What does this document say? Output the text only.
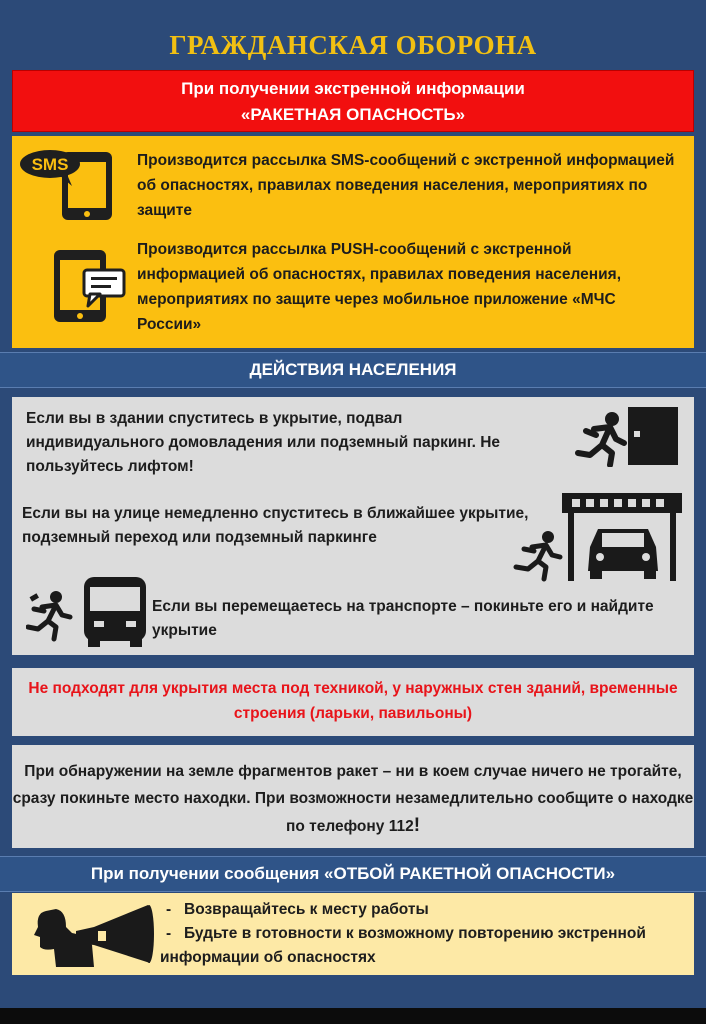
ГРАЖДАНСКАЯ ОБОРОНА
При получении экстренной информации
«РАКЕТНАЯ ОПАСНОСТЬ»
SMS	Производится рассылка SMS-сообщений с экстренной информацией об опасностях, правилах поведения населения, мероприятиях по защите
Производится рассылка PUSH-сообщений с экстренной информацией об опасностях, правилах поведения населения, мероприятиях по защите через мобильное приложение «МЧС России»
ДЕЙСТВИЯ НАСЕЛЕНИЯ
Если вы в здании спуститесь в укрытие, подвал индивидуального домовладения или подземный паркинг. Не пользуйтесь лифтом!
Если вы на улице немедленно спуститесь в ближайшее укрытие, подземный переход или подземный паркинге
Если вы перемещаетесь на транспорте – покиньте его и найдите укрытие
Не подходят для укрытия места под техникой, у наружных стен зданий, временные строения (ларьки, павильоны)
При обнаружении на земле фрагментов ракет – ни в коем случае ничего не трогайте, сразу покиньте место находки. При возможности незамедлительно сообщите о находке по телефону 112!
При получении сообщения «ОТБОЙ РАКЕТНОЙ ОПАСНОСТИ»
- Возвращайтесь к месту работы
- Будьте в готовности к возможному повторению экстренной информации об опасностях
